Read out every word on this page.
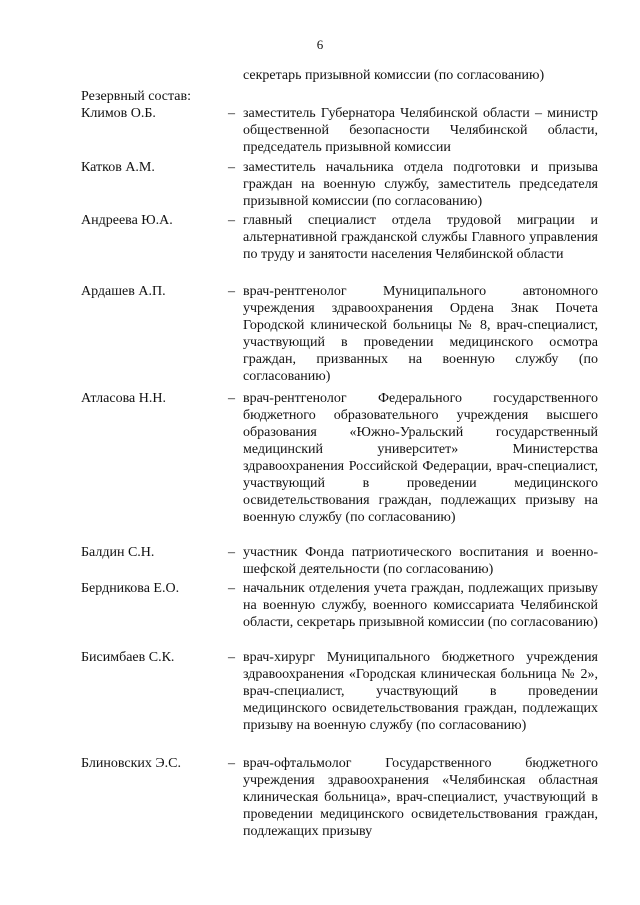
6

секретарь призывной комиссии (по согласованию)

Резервный состав:

Климов О.Б.	– заместитель Губернатора Челябинской области – министр общественной безопасности Челябинской области, председатель призывной комиссии
Катков А.М.	– заместитель начальника отдела подготовки и призыва граждан на военную службу, заместитель председателя призывной комиссии (по согласованию)
Андреева Ю.А.	– главный специалист отдела трудовой миграции и альтернативной гражданской службы Главного управления по труду и занятости населения Челябинской области
Ардашев А.П.	– врач-рентгенолог Муниципального автономного учреждения здравоохранения Ордена Знак Почета Городской клинической больницы № 8, врач-специалист, участвующий в проведении медицинского осмотра граждан, призванных на военную службу (по согласованию)
Атласова Н.Н.	– врач-рентгенолог Федерального государственного бюджетного образовательного учреждения высшего образования «Южно-Уральский государственный медицинский университет» Министерства здравоохранения Российской Федерации, врач-специалист, участвующий в проведении медицинского освидетельствования граждан, подлежащих призыву на военную службу (по согласованию)
Балдин С.Н.	– участник Фонда патриотического воспитания и военно-шефской деятельности (по согласованию)
Бердникова Е.О.	– начальник отделения учета граждан, подлежащих призыву на военную службу, военного комиссариата Челябинской области, секретарь призывной комиссии (по согласованию)
Бисимбаев С.К.	– врач-хирург Муниципального бюджетного учреждения здравоохранения «Городская клиническая больница № 2», врач-специалист, участвующий в проведении медицинского освидетельствования граждан, подлежащих призыву на военную службу (по согласованию)
Блиновских Э.С.	– врач-офтальмолог Государственного бюджетного учреждения здравоохранения «Челябинская областная клиническая больница», врач-специалист, участвующий в проведении медицинского освидетельствования граждан, подлежащих призыву
